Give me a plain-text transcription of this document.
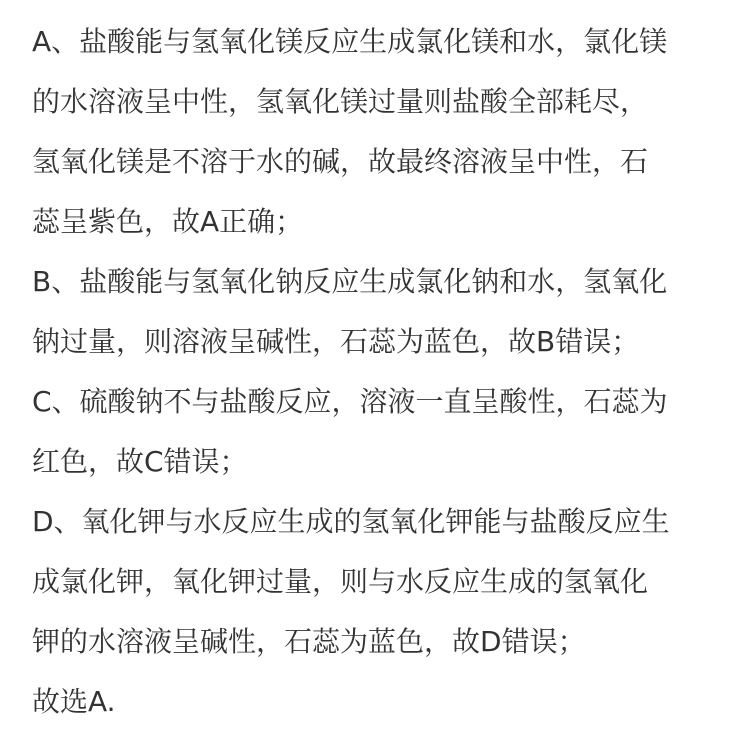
A、盐酸能与氢氧化镁反应生成氯化镁和水，氯化镁
的水溶液呈中性，氢氧化镁过量则盐酸全部耗尽，
氢氧化镁是不溶于水的碱，故最终溶液呈中性，石
蕊呈紫色，故A正确；
B、盐酸能与氢氧化钠反应生成氯化钠和水，氢氧化
钠过量，则溶液呈碱性，石蕊为蓝色，故B错误；
C、硫酸钠不与盐酸反应，溶液一直呈酸性，石蕊为
红色，故C错误；
D、氧化钾与水反应生成的氢氧化钾能与盐酸反应生
成氯化钾，氧化钾过量，则与水反应生成的氢氧化
钾的水溶液呈碱性，石蕊为蓝色，故D错误；
故选A.
